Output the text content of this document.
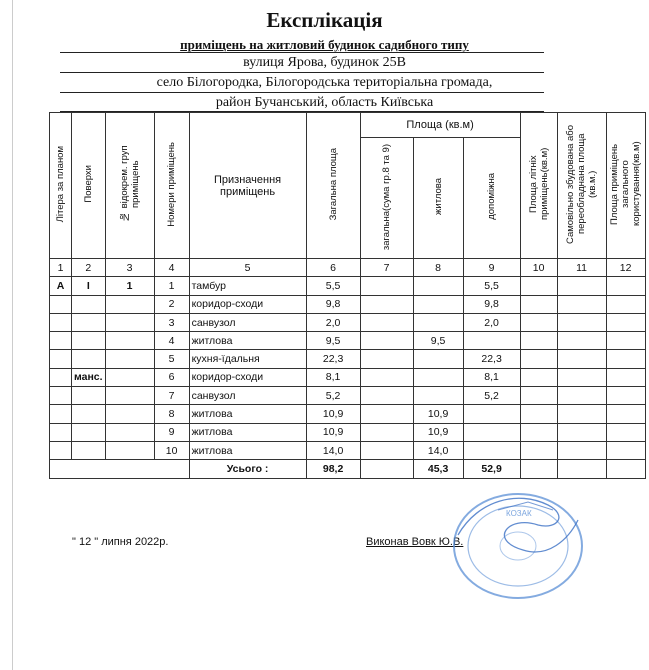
Експлікація
приміщень на житловий будинок садибного типу
вулиця Ярова, будинок 25В
село Білогородка, Білогородська територіальна громада,
район Бучанський, область Київська
Літера за планом	Поверхи	№ відокрем. груп приміщень	Номери приміщень	Призначення приміщень	Загальна площа	Площа (кв.м)			Площа літніх приміщень(кв.м)	Самовільно збудована або переобладнана площа (кв.м.)	Площа приміщень загального користування(кв.м)
						загальна(сума гр.8 та 9)	житлова	допоміжна			
1	2	3	4	5	6	7	8	9	10	11	12
А	І	1	1	тамбур	5,5			5,5			
			2	коридор-сходи	9,8			9,8			
			3	санвузол	2,0			2,0			
			4	житлова	9,5		9,5				
			5	кухня-їдальня	22,3			22,3			
	манс.		6	коридор-сходи	8,1			8,1			
			7	санвузол	5,2			5,2			
			8	житлова	10,9		10,9				
			9	житлова	10,9		10,9				
			10	житлова	14,0		14,0				
				Усього :	98,2		45,3	52,9			
" 12 " липня 2022р.	Виконав Вовк Ю.В.
КОЗАК
